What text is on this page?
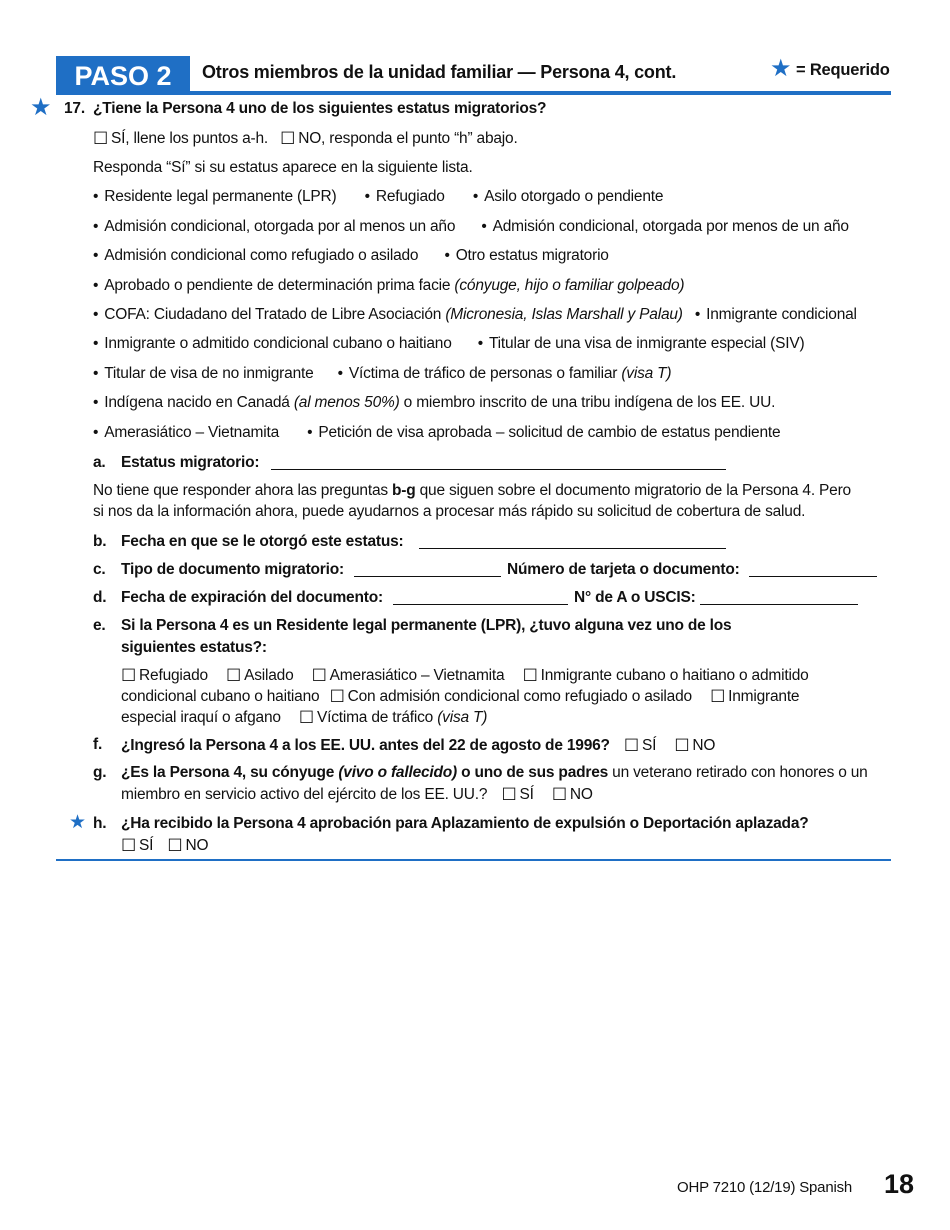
PASO 2	Otros miembros de la unidad familiar — Persona 4, cont.	★ = Requerido
★ 17. ¿Tiene la Persona 4 uno de los siguientes estatus migratorios?
☐ SÍ, llene los puntos a-h. ☐ NO, responda el punto “h” abajo.
Responda “Sí” si su estatus aparece en la siguiente lista.
• Residente legal permanente (LPR) • Refugiado • Asilo otorgado o pendiente
• Admisión condicional, otorgada por al menos un año • Admisión condicional, otorgada por menos de un año
• Admisión condicional como refugiado o asilado • Otro estatus migratorio
• Aprobado o pendiente de determinación prima facie (cónyuge, hijo o familiar golpeado)
• COFA: Ciudadano del Tratado de Libre Asociación (Micronesia, Islas Marshall y Palau) • Inmigrante condicional
• Inmigrante o admitido condicional cubano o haitiano • Titular de una visa de inmigrante especial (SIV)
• Titular de visa de no inmigrante • Víctima de tráfico de personas o familiar (visa T)
• Indígena nacido en Canadá (al menos 50%) o miembro inscrito de una tribu indígena de los EE. UU.
• Amerasiático – Vietnamita • Petición de visa aprobada – solicitud de cambio de estatus pendiente
a. Estatus migratorio:
No tiene que responder ahora las preguntas b-g que siguen sobre el documento migratorio de la Persona 4. Pero
si nos da la información ahora, puede ayudarnos a procesar más rápido su solicitud de cobertura de salud.
b. Fecha en que se le otorgó este estatus:
c. Tipo de documento migratorio:	Número de tarjeta o documento:
d. Fecha de expiración del documento:	N° de A o USCIS:
e. Si la Persona 4 es un Residente legal permanente (LPR), ¿tuvo alguna vez uno de los
siguientes estatus?:
☐ Refugiado ☐ Asilado ☐ Amerasiático – Vietnamita ☐ Inmigrante cubano o haitiano o admitido
condicional cubano o haitiano ☐ Con admisión condicional como refugiado o asilado ☐ Inmigrante
especial iraquí o afgano ☐ Víctima de tráfico (visa T)
f. ¿Ingresó la Persona 4 a los EE. UU. antes del 22 de agosto de 1996? ☐ SÍ ☐ NO
g. ¿Es la Persona 4, su cónyuge (vivo o fallecido) o uno de sus padres un veterano retirado con honores o un
miembro en servicio activo del ejército de los EE. UU.? ☐ SÍ ☐ NO
★ h. ¿Ha recibido la Persona 4 aprobación para Aplazamiento de expulsión o Deportación aplazada?
☐ SÍ ☐ NO
OHP 7210 (12/19) Spanish 18
